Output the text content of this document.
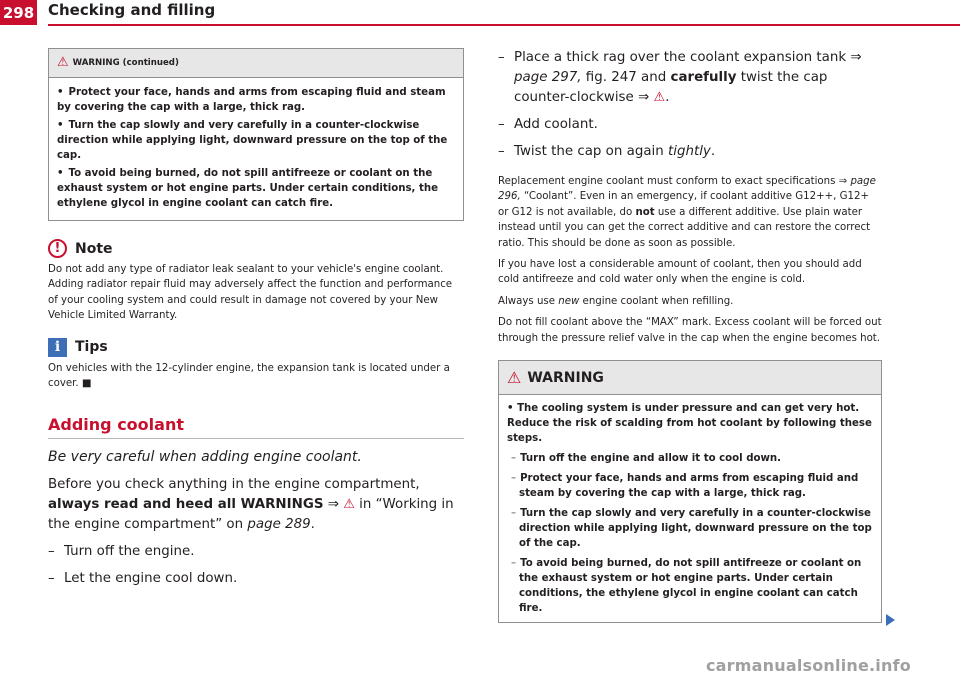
298 Checking and filling
⚠ WARNING (continued)
• Protect your face, hands and arms from escaping fluid and steam by covering the cap with a large, thick rag.
• Turn the cap slowly and very carefully in a counter-clockwise direction while applying light, downward pressure on the top of the cap.
• To avoid being burned, do not spill antifreeze or coolant on the exhaust system or hot engine parts. Under certain conditions, the ethylene glycol in engine coolant can catch fire.
!	Note

Do not add any type of radiator leak sealant to your vehicle's engine coolant. Adding radiator repair fluid may adversely affect the function and performance of your cooling system and could result in damage not covered by your New Vehicle Limited Warranty.

i	Tips

On vehicles with the 12-cylinder engine, the expansion tank is located under a cover. ■

Adding coolant
Be very careful when adding engine coolant.

Before you check anything in the engine compartment, always read and heed all WARNINGS ⇒ ⚠ in “Working in the engine compartment” on page 289.

– Turn off the engine.
– Let the engine cool down.
– Place a thick rag over the coolant expansion tank ⇒ page 297, fig. 247 and carefully twist the cap counter-clockwise ⇒ ⚠.
– Add coolant.
– Twist the cap on again tightly.

Replacement engine coolant must conform to exact specifications ⇒ page 296, “Coolant”. Even in an emergency, if coolant additive G12++, G12+ or G12 is not available, do not use a different additive. Use plain water instead until you can get the correct additive and can restore the correct ratio. This should be done as soon as possible.

If you have lost a considerable amount of coolant, then you should add cold antifreeze and cold water only when the engine is cold.

Always use new engine coolant when refilling.

Do not fill coolant above the “MAX” mark. Excess coolant will be forced out through the pressure relief valve in the cap when the engine becomes hot.

⚠ WARNING
• The cooling system is under pressure and can get very hot. Reduce the risk of scalding from hot coolant by following these steps.
– Turn off the engine and allow it to cool down.
– Protect your face, hands and arms from escaping fluid and steam by covering the cap with a large, thick rag.
– Turn the cap slowly and very carefully in a counter-clockwise direction while applying light, downward pressure on the top of the cap.
– To avoid being burned, do not spill antifreeze or coolant on the exhaust system or hot engine parts. Under certain conditions, the ethylene glycol in engine coolant can catch fire.
carmanualsonline.info
